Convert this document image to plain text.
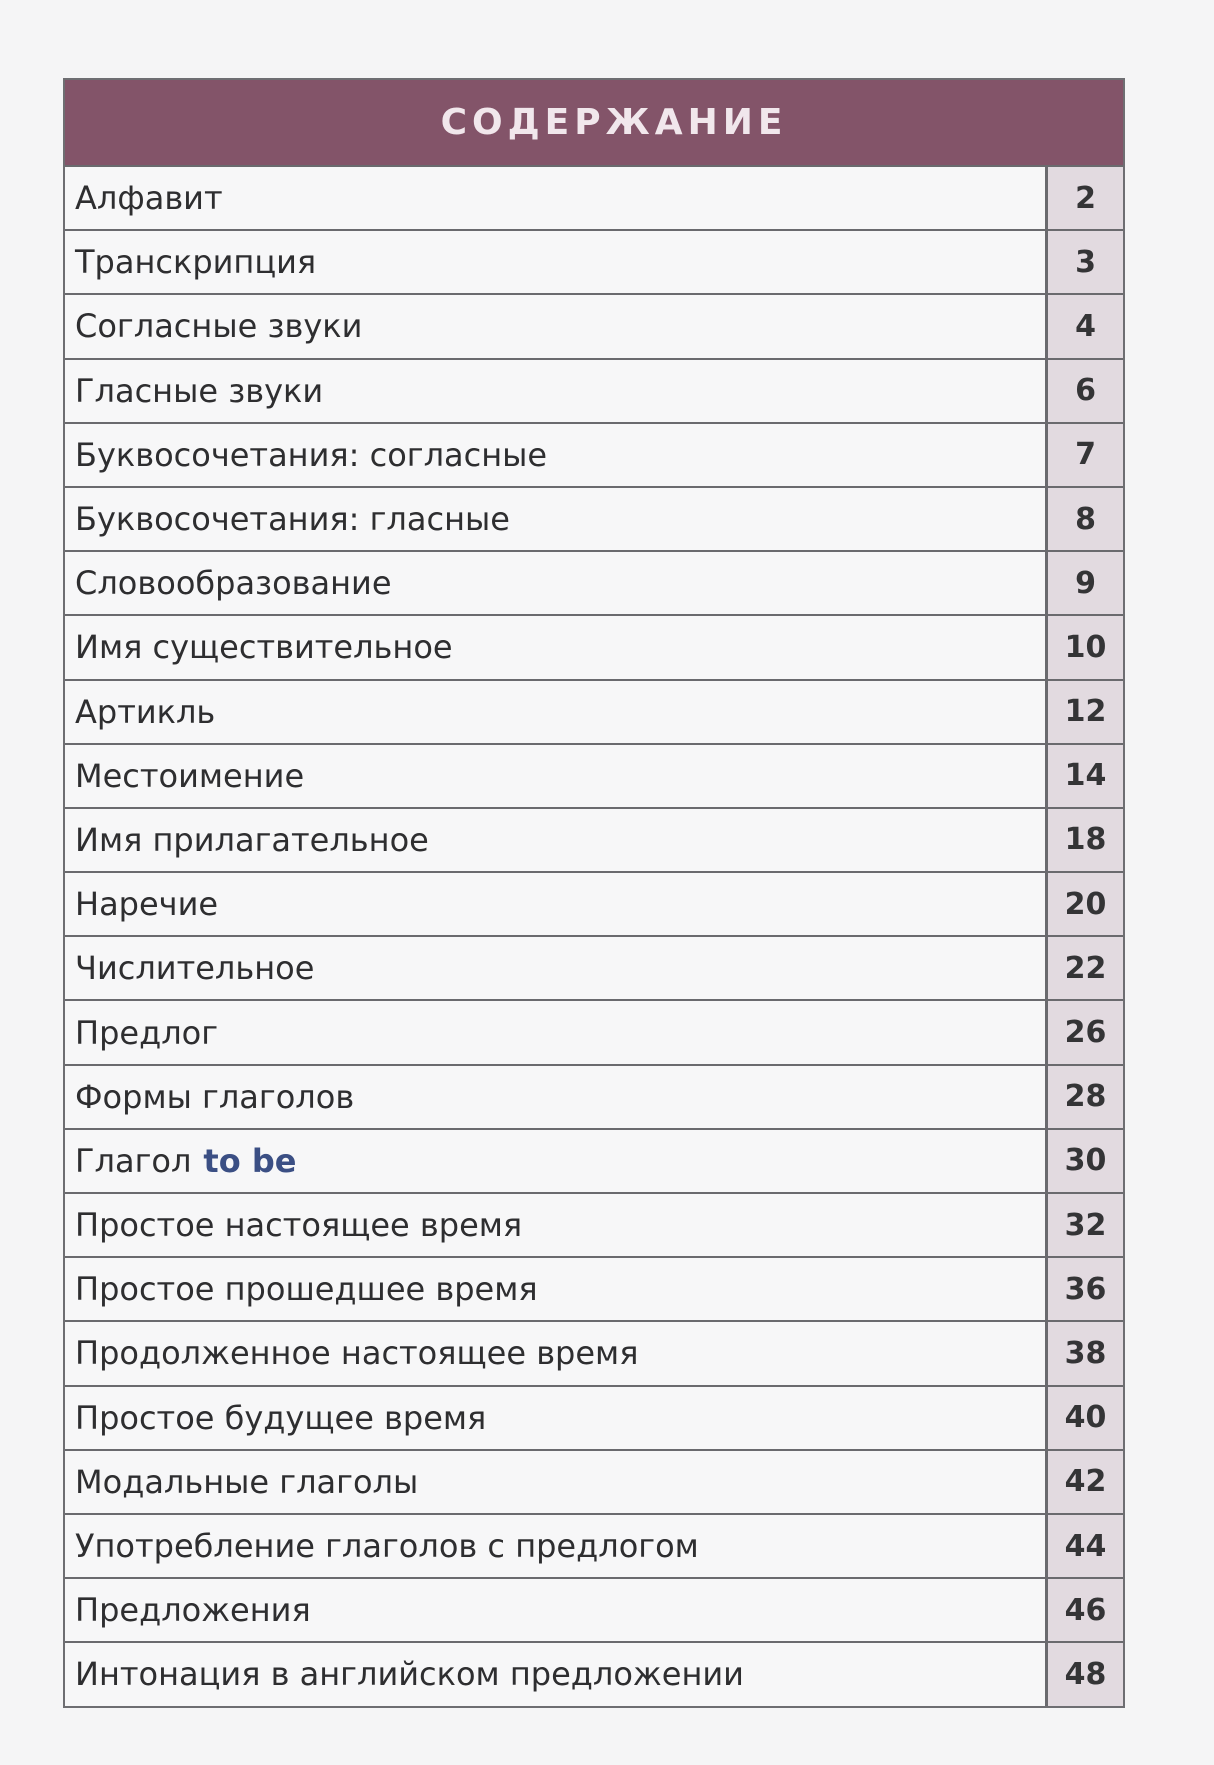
СОДЕРЖАНИЕ
Алфавит	2
Транскрипция	3
Согласные звуки	4
Гласные звуки	6
Буквосочетания: согласные	7
Буквосочетания: гласные	8
Словообразование	9
Имя существительное	10
Артикль	12
Местоимение	14
Имя прилагательное	18
Наречие	20
Числительное	22
Предлог	26
Формы глаголов	28
Глагол to be	30
Простое настоящее время	32
Простое прошедшее время	36
Продолженное настоящее время	38
Простое будущее время	40
Модальные глаголы	42
Употребление глаголов с предлогом	44
Предложения	46
Интонация в английском предложении	48
